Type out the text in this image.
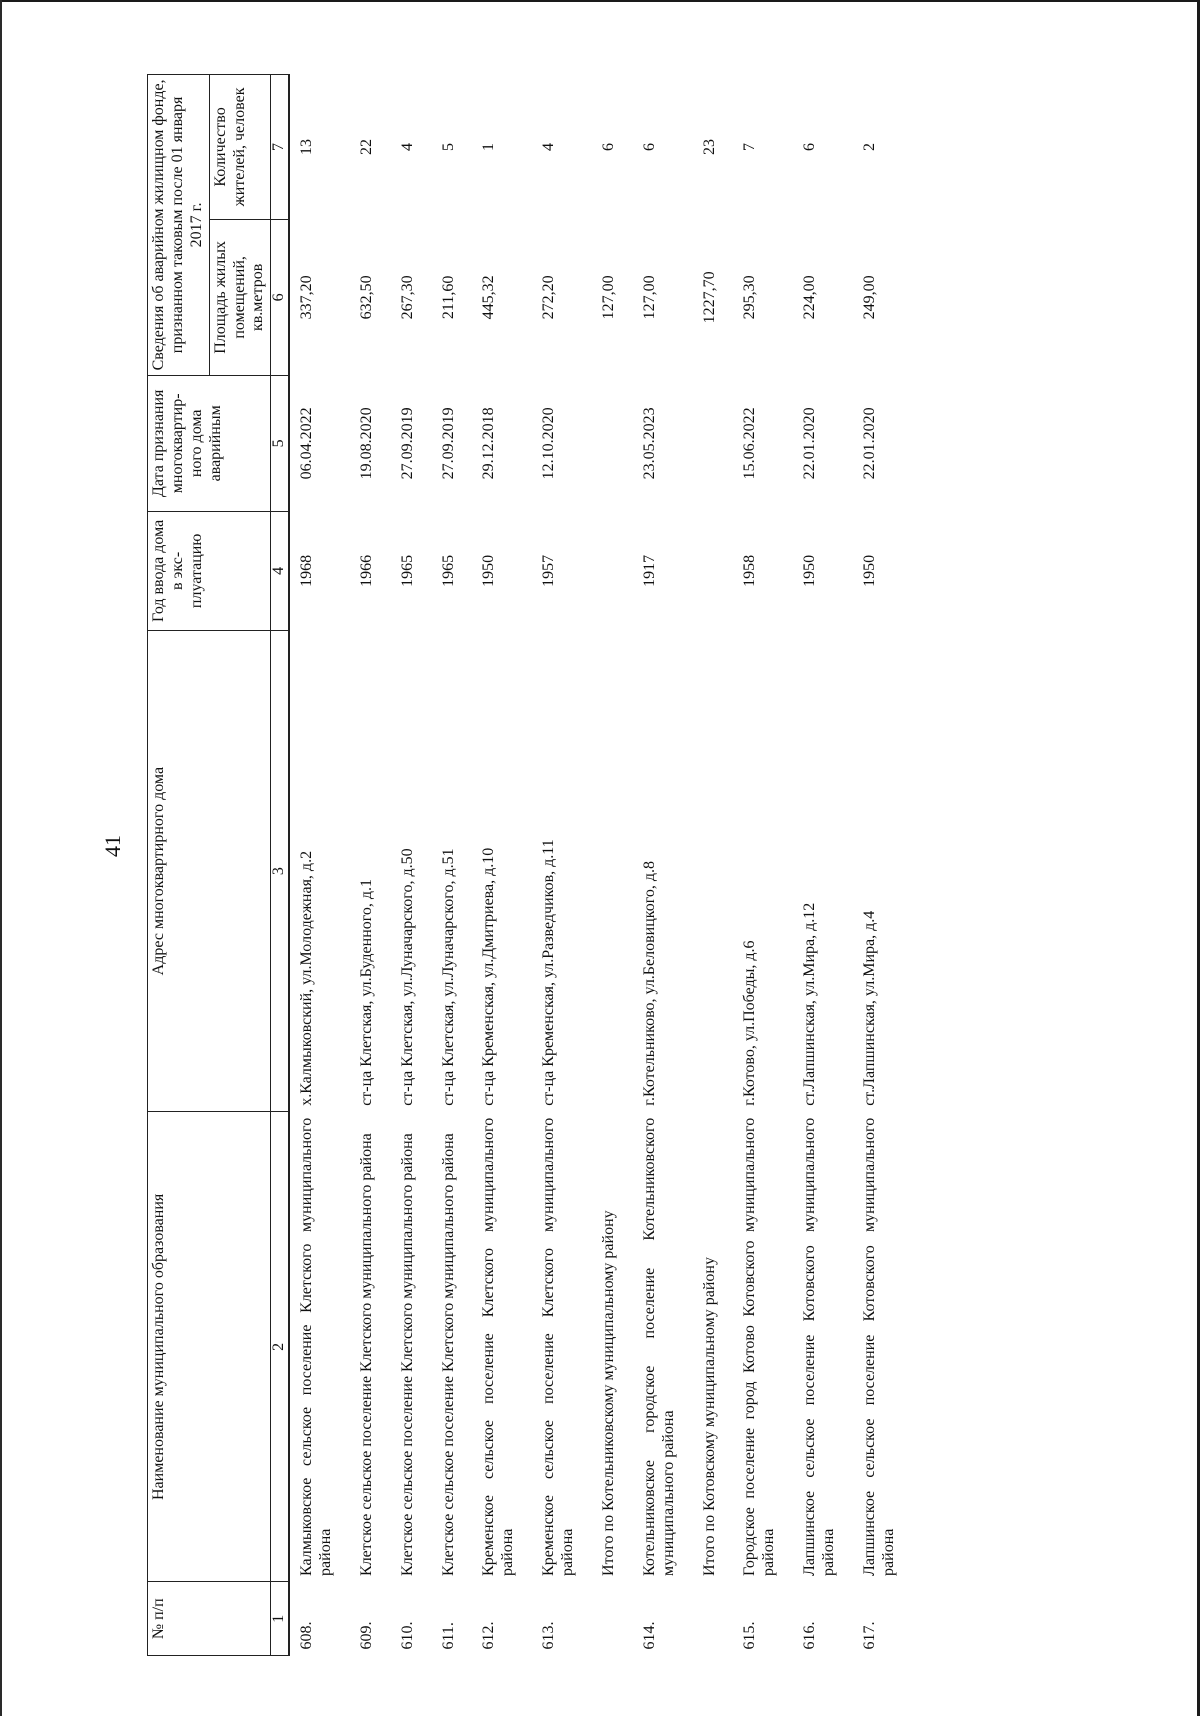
41
№ п/п	Наименование муниципального образования	Адрес многоквартирного дома	Год ввода дома в экс-плуатацию	Дата признания многоквартир-ного дома аварийным	Сведения об аварийном жилищном фонде, признанном таковым после 01 января 2017 г.	
					Площадь жилых помещений, кв.метров	Количество жителей, человек
1	2	3	4	5	6	7
608.	Калмыковское сельское поселение Клетского муниципального района	х.Калмыковский, ул.Молодежная, д.2	1968	06.04.2022	337,20	13
609.	Клетское сельское поселение Клетского муниципального района	ст-ца Клетская, ул.Буденного, д.1	1966	19.08.2020	632,50	22
610.	Клетское сельское поселение Клетского муниципального района	ст-ца Клетская, ул.Луначарского, д.50	1965	27.09.2019	267,30	4
611.	Клетское сельское поселение Клетского муниципального района	ст-ца Клетская, ул.Луначарского, д.51	1965	27.09.2019	211,60	5
612.	Кременское сельское поселение Клетского муниципального района	ст-ца Кременская, ул.Дмитриева, д.10	1950	29.12.2018	445,32	1
613.	Кременское сельское поселение Клетского муниципального района	ст-ца Кременская, ул.Разведчиков, д.11	1957	12.10.2020	272,20	4
	Итого по Котельниковскому муниципальному району				127,00	6
614.	Котельниковское городское поселение Котельниковского муниципального района	г.Котельниково, ул.Беловицкого, д.8	1917	23.05.2023	127,00	6
	Итого по Котовскому муниципальному району				1227,70	23
615.	Городское поселение город Котово Котовского муниципального района	г.Котово, ул.Победы, д.6	1958	15.06.2022	295,30	7
616.	Лапшинское сельское поселение Котовского муниципального района	ст.Лапшинская, ул.Мира, д.12	1950	22.01.2020	224,00	6
617.	Лапшинское сельское поселение Котовского муниципального района	ст.Лапшинская, ул.Мира, д.4	1950	22.01.2020	249,00	2
